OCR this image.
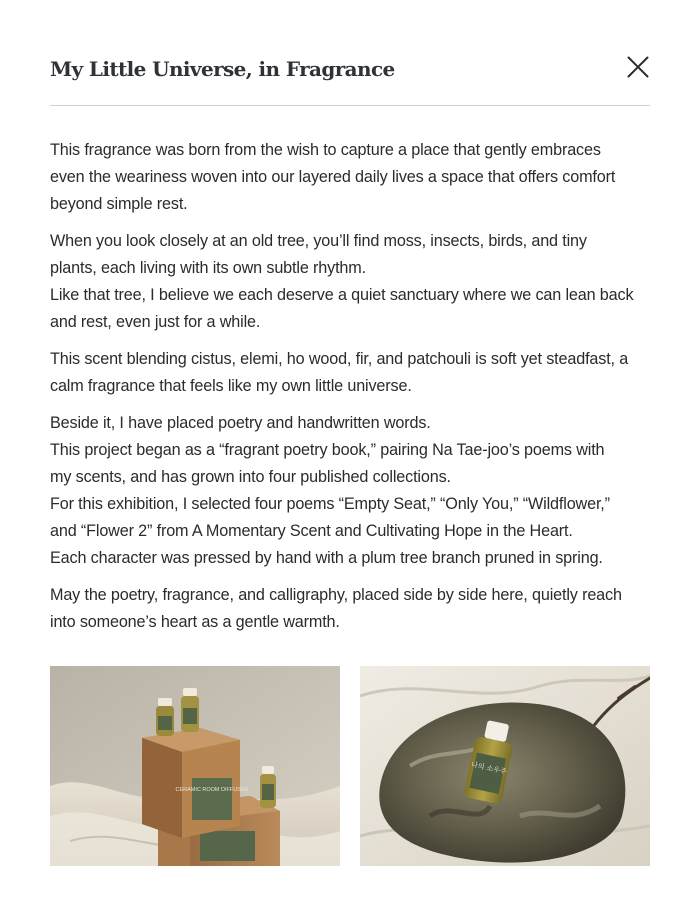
My Little Universe, in Fragrance

This fragrance was born from the wish to capture a place that gently embraces
even the weariness woven into our layered daily lives a space that offers comfort
beyond simple rest.

When you look closely at an old tree, you’ll find moss, insects, birds, and tiny
plants, each living with its own subtle rhythm.
Like that tree, I believe we each deserve a quiet sanctuary where we can lean back
and rest, even just for a while.

This scent blending cistus, elemi, ho wood, fir, and patchouli is soft yet steadfast, a
calm fragrance that feels like my own little universe.

Beside it, I have placed poetry and handwritten words.
This project began as a “fragrant poetry book,” pairing Na Tae-joo’s poems with
my scents, and has grown into four published collections.
For this exhibition, I selected four poems “Empty Seat,” “Only You,” “Wildflower,”
and “Flower 2” from A Momentary Scent and Cultivating Hope in the Heart.
Each character was pressed by hand with a plum tree branch pruned in spring.

May the poetry, fragrance, and calligraphy, placed side by side here, quietly reach
into someone’s heart as a gentle warmth.

CERAMIC ROOM DIFFUSER
나의 소우주
